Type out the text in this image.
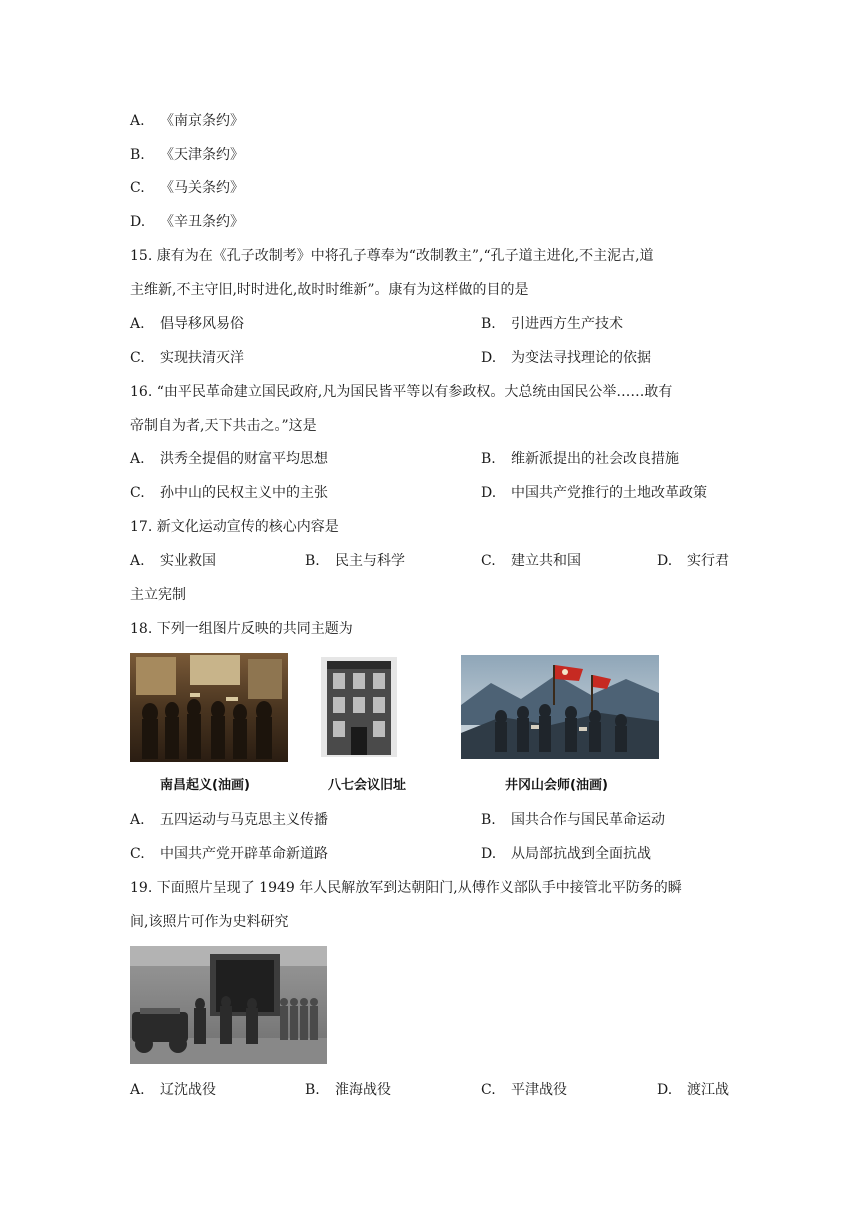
A. 《南京条约》
B. 《天津条约》
C. 《马关条约》
D. 《辛丑条约》
15. 康有为在《孔子改制考》中将孔子尊奉为“改制教主”,“孔子道主进化,不主泥古,道
主维新,不主守旧,时时进化,故时时维新”。康有为这样做的目的是
A. 倡导移风易俗	B. 引进西方生产技术
C. 实现扶清灭洋	D. 为变法寻找理论的依据
16. “由平民革命建立国民政府,凡为国民皆平等以有参政权。大总统由国民公举……敢有
帝制自为者,天下共击之。”这是
A. 洪秀全提倡的财富平均思想	B. 维新派提出的社会改良措施
C. 孙中山的民权主义中的主张	D. 中国共产党推行的土地改革政策
17. 新文化运动宣传的核心内容是
A. 实业救国	B. 民主与科学	C. 建立共和国	D. 实行君
主立宪制
18. 下列一组图片反映的共同主题为
南昌起义(油画)	八七会议旧址	井冈山会师(油画)
A. 五四运动与马克思主义传播	B. 国共合作与国民革命运动
C. 中国共产党开辟革命新道路	D. 从局部抗战到全面抗战
19. 下面照片呈现了 1949 年人民解放军到达朝阳门,从傅作义部队手中接管北平防务的瞬
间,该照片可作为史料研究
A. 辽沈战役	B. 淮海战役	C. 平津战役	D. 渡江战
